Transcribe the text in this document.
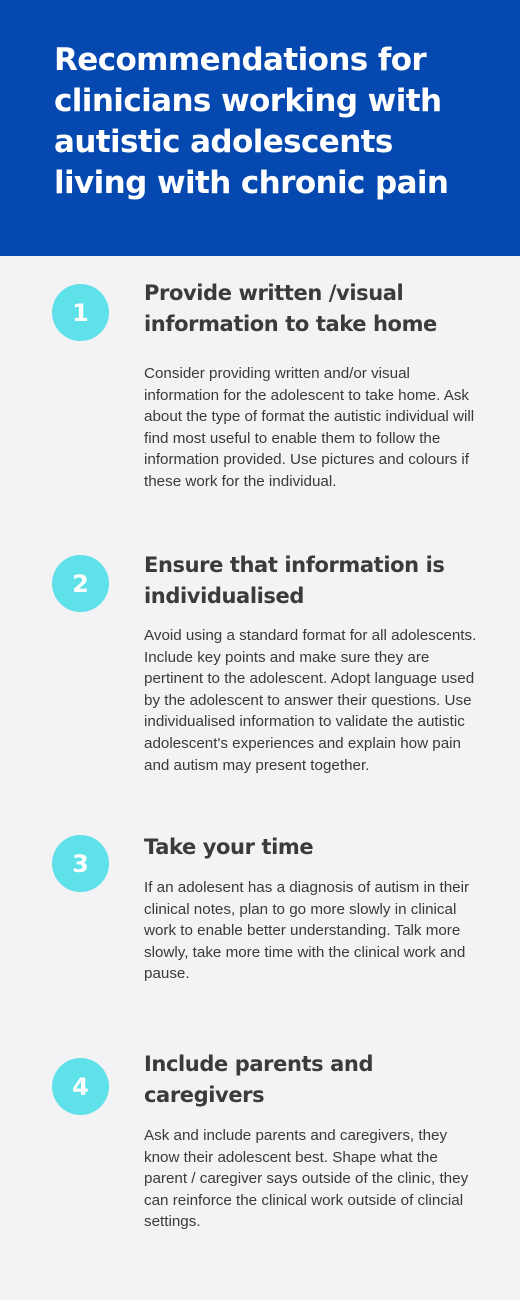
Recommendations for clinicians working with autistic adolescents living with chronic pain
1
Provide written /visual information to take home

Consider providing written and/or visual information for the adolescent to take home. Ask about the type of format the autistic individual will find most useful to enable them to follow the information provided. Use pictures and colours if these work for the individual.

2
Ensure that information is individualised

Avoid using a standard format for all adolescents. Include key points and make sure they are pertinent to the adolescent. Adopt language used by the adolescent to answer their questions. Use individualised information to validate the autistic adolescent's experiences and explain how pain and autism may present together.

3
Take your time

If an adolesent has a diagnosis of autism in their clinical notes, plan to go more slowly in clinical work to enable better understanding. Talk more slowly, take more time with the clinical work and pause.

4
Include parents and caregivers

Ask and include parents and caregivers, they know their adolescent best. Shape what the parent / caregiver says outside of the clinic, they can reinforce the clinical work outside of clincial settings.
